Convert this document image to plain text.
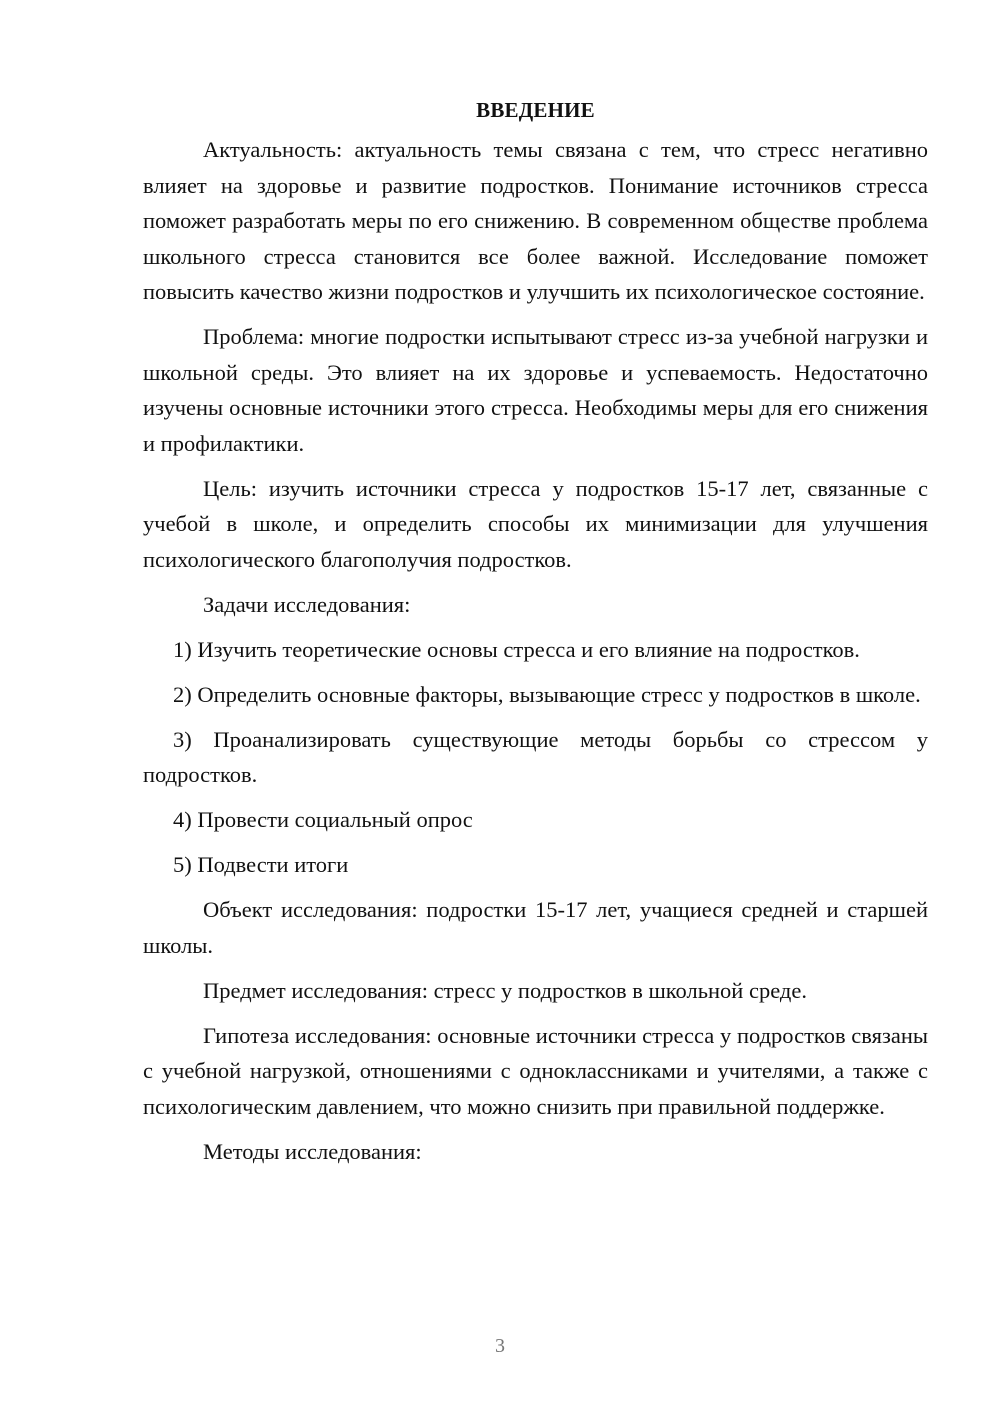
ВВЕДЕНИЕ

Актуальность: актуальность темы связана с тем, что стресс негативно влияет на здоровье и развитие подростков. Понимание источников стресса поможет разработать меры по его снижению. В современном обществе проблема школьного стресса становится все более важной. Исследование поможет повысить качество жизни подростков и улучшить их психологическое состояние.

Проблема: многие подростки испытывают стресс из-за учебной нагрузки и школьной среды. Это влияет на их здоровье и успеваемость. Недостаточно изучены основные источники этого стресса. Необходимы меры для его снижения и профилактики.

Цель: изучить источники стресса у подростков 15-17 лет, связанные с учебой в школе, и определить способы их минимизации для улучшения психологического благополучия подростков.

Задачи исследования:

1) Изучить теоретические основы стресса и его влияние на подростков.

2) Определить основные факторы, вызывающие стресс у подростков в школе.

3) Проанализировать существующие методы борьбы со стрессом у подростков.

4) Провести социальный опрос

5) Подвести итоги

Объект исследования: подростки 15-17 лет, учащиеся средней и старшей школы.

Предмет исследования: стресс у подростков в школьной среде.

Гипотеза исследования: основные источники стресса у подростков связаны с учебной нагрузкой, отношениями с одноклассниками и учителями, а также с психологическим давлением, что можно снизить при правильной поддержке.

Методы исследования:

3
